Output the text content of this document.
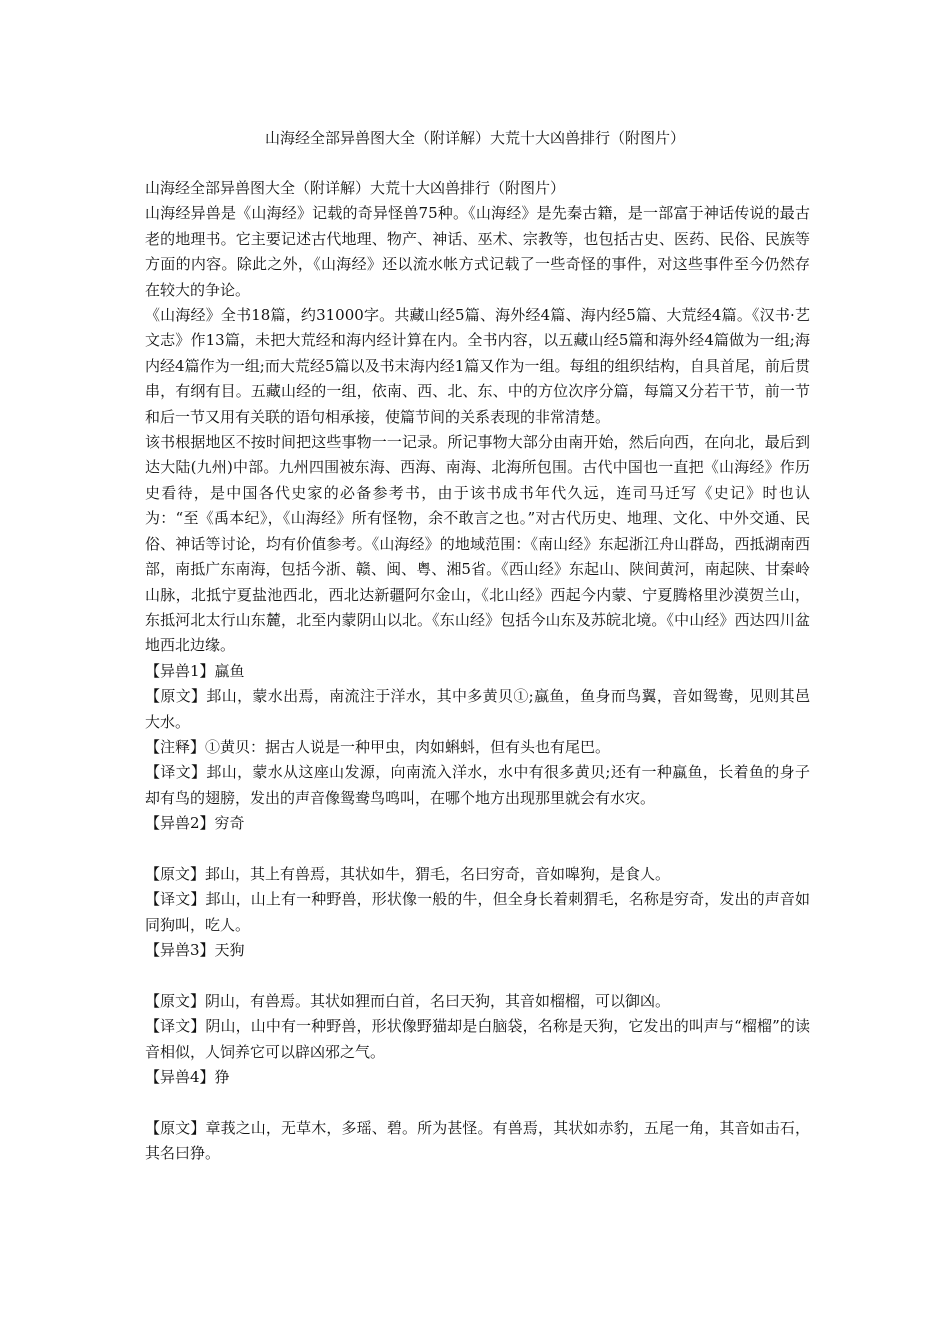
山海经全部异兽图大全（附详解）大荒十大凶兽排行（附图片）

山海经全部异兽图大全（附详解）大荒十大凶兽排行（附图片）

山海经异兽是《山海经》记载的奇异怪兽75种。《山海经》是先秦古籍，是一部富于神话传说的最古老的地理书。它主要记述古代地理、物产、神话、巫术、宗教等，也包括古史、医药、民俗、民族等方面的内容。除此之外，《山海经》还以流水帐方式记载了一些奇怪的事件，对这些事件至今仍然存在较大的争论。

《山海经》全书18篇，约31000字。共藏山经5篇、海外经4篇、海内经5篇、大荒经4篇。《汉书·艺文志》作13篇，未把大荒经和海内经计算在内。全书内容，以五藏山经5篇和海外经4篇做为一组;海内经4篇作为一组;而大荒经5篇以及书末海内经1篇又作为一组。每组的组织结构，自具首尾，前后贯串，有纲有目。五藏山经的一组，依南、西、北、东、中的方位次序分篇，每篇又分若干节，前一节和后一节又用有关联的语句相承接，使篇节间的关系表现的非常清楚。

该书根据地区不按时间把这些事物一一记录。所记事物大部分由南开始，然后向西，在向北，最后到达大陆(九州)中部。九州四围被东海、西海、南海、北海所包围。古代中国也一直把《山海经》作历史看待，是中国各代史家的必备参考书，由于该书成书年代久远，连司马迁写《史记》时也认为：“至《禹本纪》，《山海经》所有怪物，余不敢言之也。”对古代历史、地理、文化、中外交通、民俗、神话等讨论，均有价值参考。《山海经》的地域范围：《南山经》东起浙江舟山群岛，西抵湖南西部，南抵广东南海，包括今浙、赣、闽、粤、湘5省。《西山经》东起山、陕间黄河，南起陕、甘秦岭山脉，北抵宁夏盐池西北，西北达新疆阿尔金山，《北山经》西起今内蒙、宁夏腾格里沙漠贺兰山，东抵河北太行山东麓，北至内蒙阴山以北。《东山经》包括今山东及苏皖北境。《中山经》西达四川盆地西北边缘。

【异兽1】蠃鱼

【原文】邽山，蒙水出焉，南流注于洋水，其中多黄贝①;蠃鱼，鱼身而鸟翼，音如鸳鸯，见则其邑大水。

【注释】①黄贝：据古人说是一种甲虫，肉如蝌蚪，但有头也有尾巴。

【译文】邽山，蒙水从这座山发源，向南流入洋水，水中有很多黄贝;还有一种蠃鱼，长着鱼的身子却有鸟的翅膀，发出的声音像鸳鸯鸟鸣叫，在哪个地方出现那里就会有水灾。

【异兽2】穷奇

【原文】邽山，其上有兽焉，其状如牛，猬毛，名曰穷奇，音如嗥狗，是食人。

【译文】邽山，山上有一种野兽，形状像一般的牛，但全身长着刺猬毛，名称是穷奇，发出的声音如同狗叫，吃人。

【异兽3】天狗

【原文】阴山，有兽焉。其状如狸而白首，名曰天狗，其音如榴榴，可以御凶。

【译文】阴山，山中有一种野兽，形状像野猫却是白脑袋，名称是天狗，它发出的叫声与“榴榴”的读音相似，人饲养它可以辟凶邪之气。

【异兽4】狰

【原文】章莪之山，无草木，多瑶、碧。所为甚怪。有兽焉，其状如赤豹，五尾一角，其音如击石，其名曰狰。
